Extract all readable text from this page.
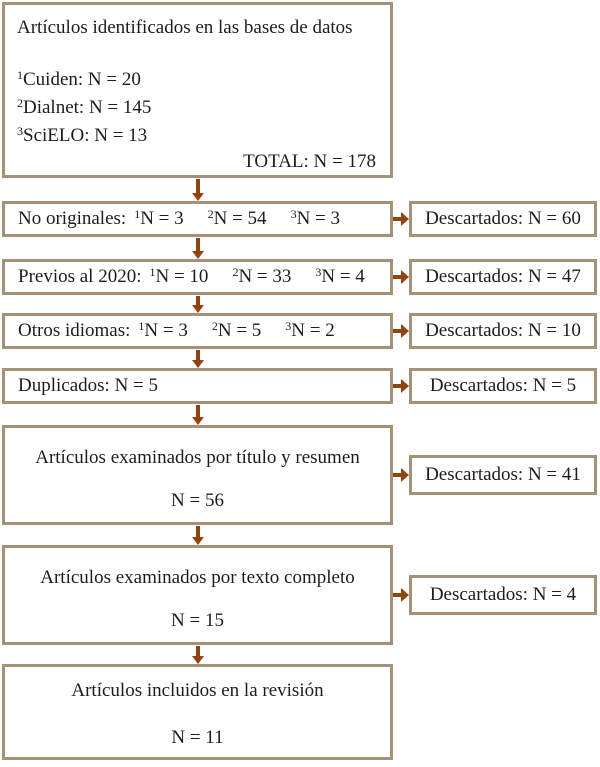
Artículos identificados en las bases de datos
$^1$Cuiden: N = 20
$^2$Dialnet: N = 145
$^3$SciELO: N = 13
TOTAL: N = 178
No originales: $^1$N = 3 $^2$N = 54 $^3$N = 3	Descartados: N = 60
Previos al 2020: $^1$N = 10 $^2$N = 33 $^3$N = 4	Descartados: N = 47
Otros idiomas: $^1$N = 3 $^2$N = 5 $^3$N = 2	Descartados: N = 10
Duplicados: N = 5	Descartados: N = 5
Artículos examinados por título y resumen
N = 56
Descartados: N = 41
Artículos examinados por texto completo
N = 15
Descartados: N = 4
Artículos incluidos en la revisión
N = 11
